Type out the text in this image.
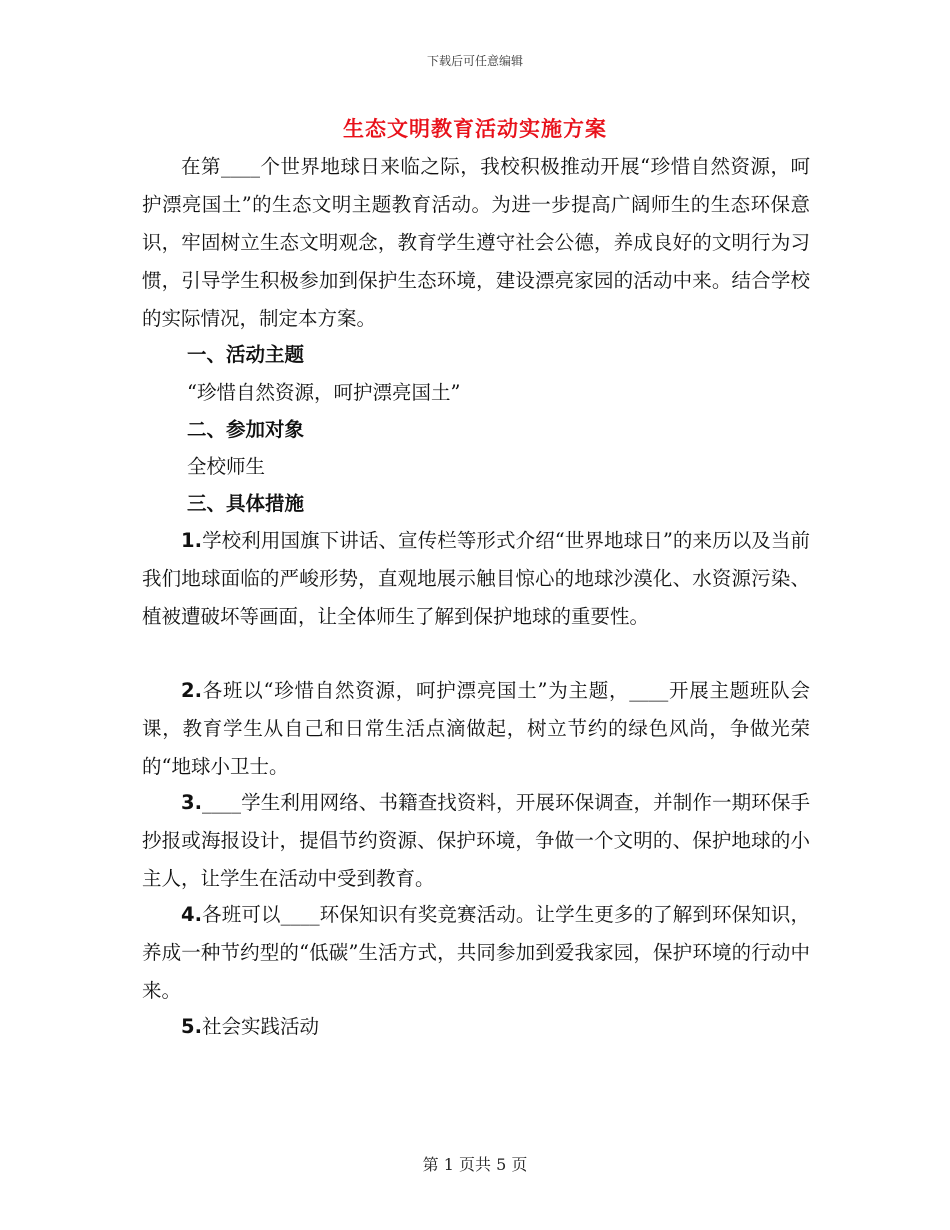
下载后可任意编辑
生态文明教育活动实施方案

在第____个世界地球日来临之际，我校积极推动开展“珍惜自然资源，呵护漂亮国土”的生态文明主题教育活动。为进一步提高广阔师生的生态环保意识，牢固树立生态文明观念，教育学生遵守社会公德，养成良好的文明行为习惯，引导学生积极参加到保护生态环境，建设漂亮家园的活动中来。结合学校的实际情况，制定本方案。

一、活动主题

“珍惜自然资源，呵护漂亮国土”

二、参加对象

全校师生

三、具体措施

1.学校利用国旗下讲话、宣传栏等形式介绍“世界地球日”的来历以及当前我们地球面临的严峻形势，直观地展示触目惊心的地球沙漠化、水资源污染、植被遭破坏等画面，让全体师生了解到保护地球的重要性。

2.各班以“珍惜自然资源，呵护漂亮国土”为主题，____开展主题班队会课，教育学生从自己和日常生活点滴做起，树立节约的绿色风尚，争做光荣的“地球小卫士。

3.____学生利用网络、书籍查找资料，开展环保调查，并制作一期环保手抄报或海报设计，提倡节约资源、保护环境，争做一个文明的、保护地球的小主人，让学生在活动中受到教育。

4.各班可以____环保知识有奖竞赛活动。让学生更多的了解到环保知识，养成一种节约型的“低碳”生活方式，共同参加到爱我家园，保护环境的行动中来。

5.社会实践活动

第 1 页共 5 页
